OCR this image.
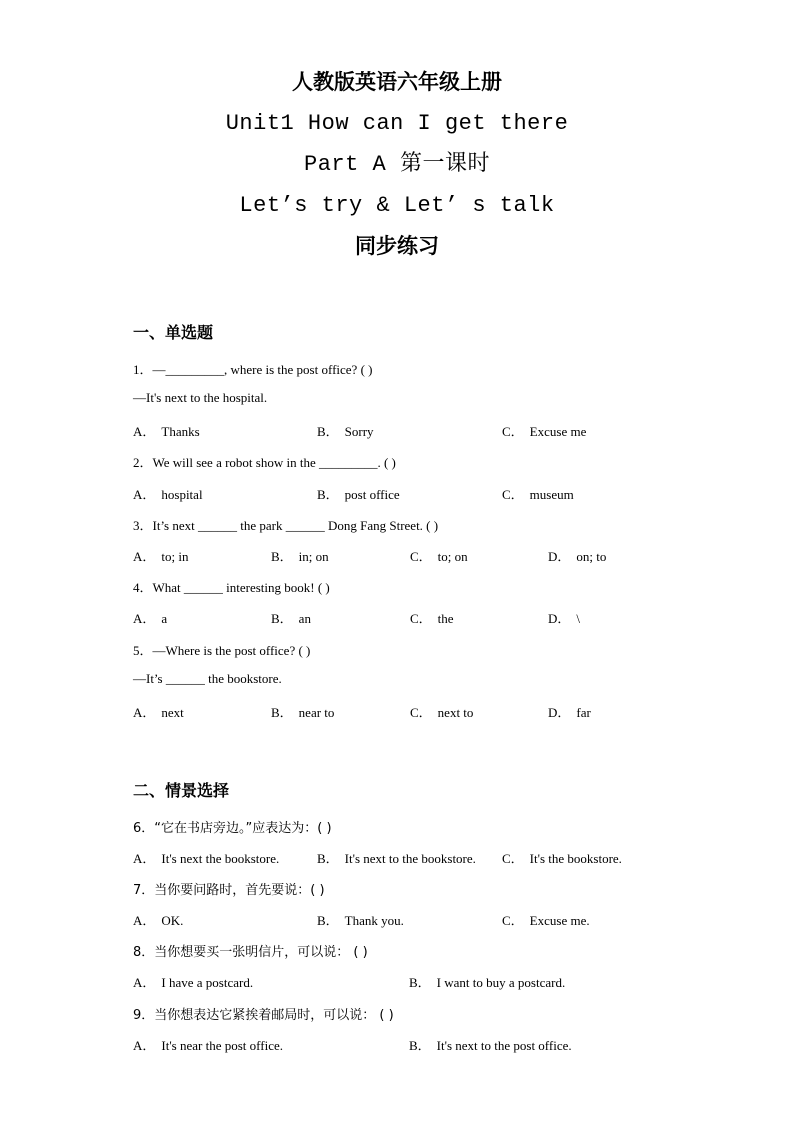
人教版英语六年级上册
Unit1 How can I get there
Part A 第一课时
Let’s try & Let’ s talk
同步练习
一、单选题
1．—_________, where is the post office? ( )
—It's next to the hospital.
A． Thanks	B． Sorry	C． Excuse me
2．We will see a robot show in the _________. ( )
A． hospital	B． post office	C． museum
3．It’s next ______ the park ______ Dong Fang Street. ( )
A． to; in	B． in; on	C． to; on	D． on; to
4．What ______ interesting book! ( )
A． a	B． an	C． the	D． \
5．—Where is the post office? ( )
—It’s ______ the bookstore.
A． next	B． near to	C． next to	D． far
二、情景选择
6．“它在书店旁边。”应表达为：( )
A． It's next the bookstore.	B． It's next to the bookstore. C． It's the bookstore.
7．当你要问路时，首先要说：( )
A． OK.	B． Thank you.	C． Excuse me.
8．当你想要买一张明信片，可以说： ( )
A． I have a postcard.	B． I want to buy a postcard.
9．当你想表达它紧挨着邮局时，可以说： ( )
A． It's near the post office.	B． It's next to the post office.
